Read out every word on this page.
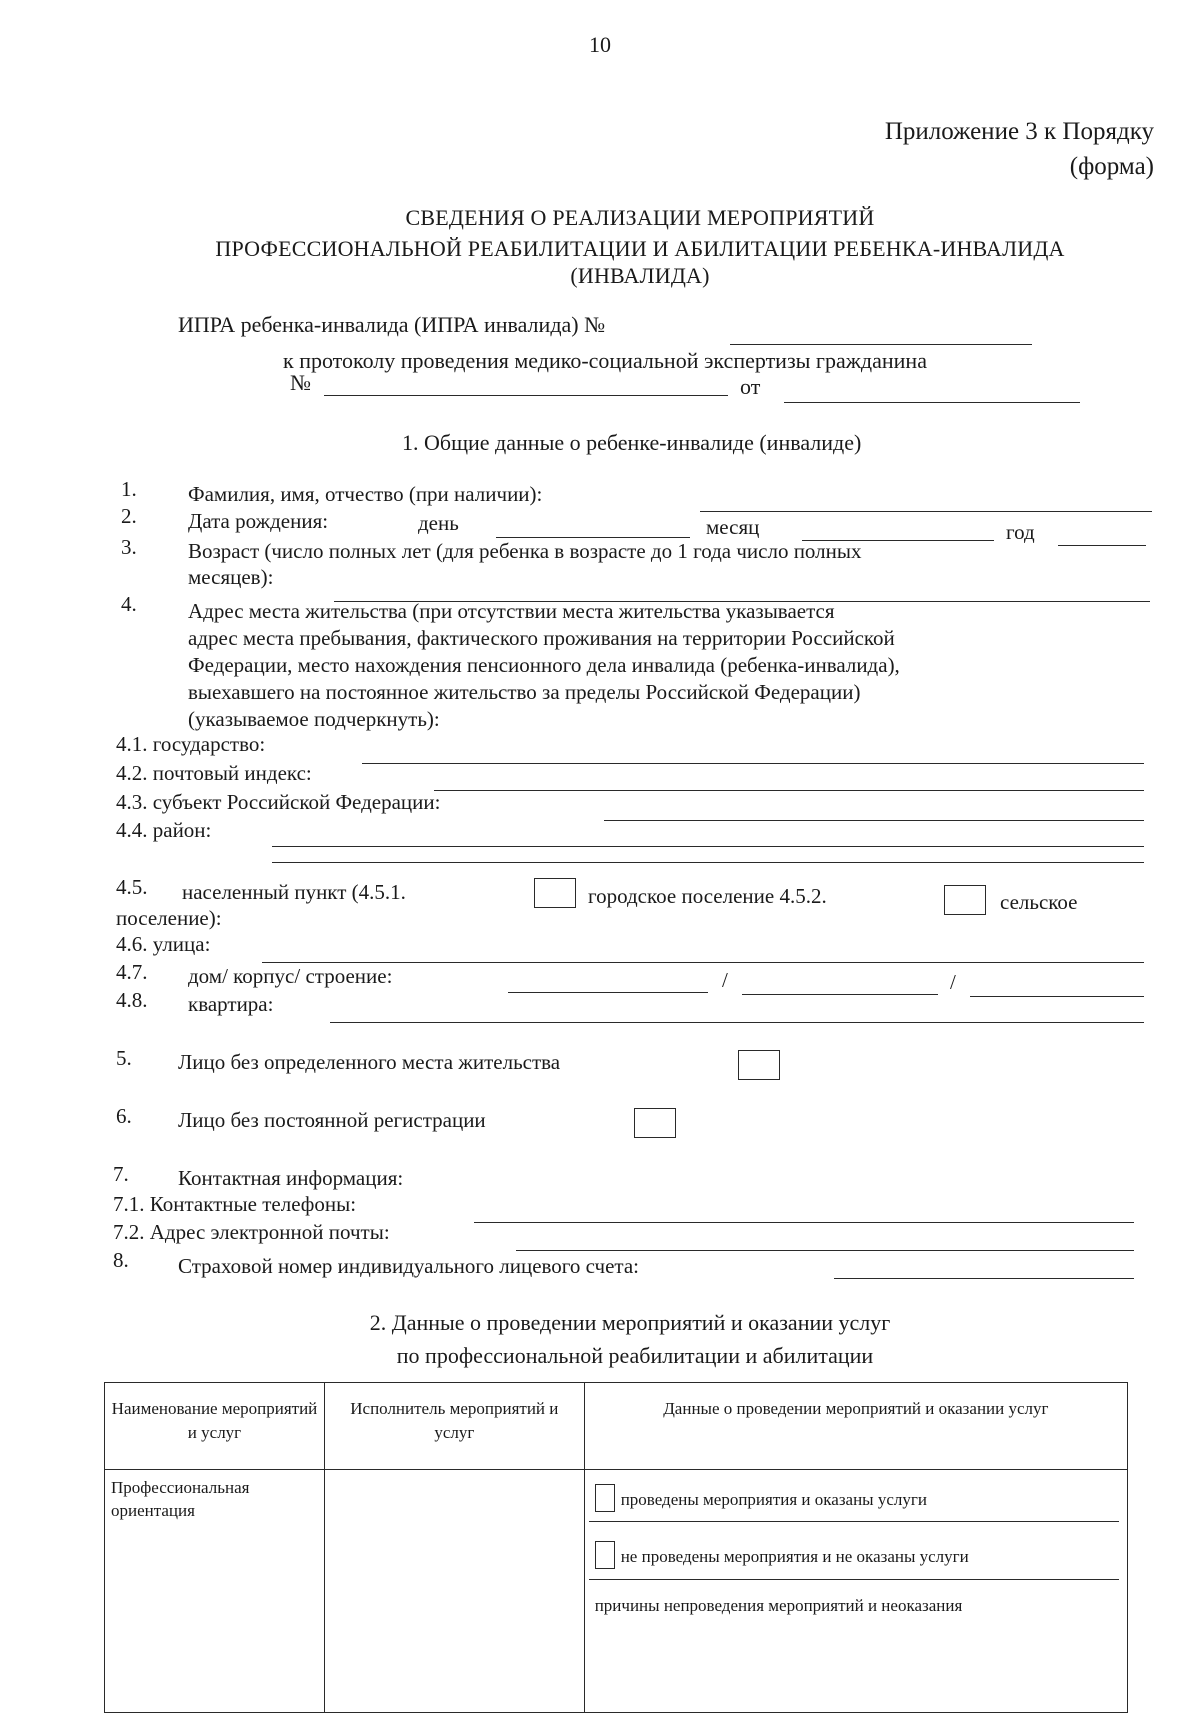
10
Приложение 3 к Порядку
(форма)
СВЕДЕНИЯ О РЕАЛИЗАЦИИ МЕРОПРИЯТИЙ
ПРОФЕССИОНАЛЬНОЙ РЕАБИЛИТАЦИИ И АБИЛИТАЦИИ РЕБЕНКА-ИНВАЛИДА
(ИНВАЛИДА)
ИПРА ребенка-инвалида (ИПРА инвалида) №
к протоколу проведения медико-социальной экспертизы гражданина
№	от
1. Общие данные о ребенке-инвалиде (инвалиде)
1. Фамилия, имя, отчество (при наличии):
2. Дата рождения:	день	месяц	год
3. Возраст (число полных лет (для ребенка в возрасте до 1 года число полных
месяцев):
4. Адрес места жительства (при отсутствии места жительства указывается
адрес места пребывания, фактического проживания на территории Российской
Федерации, место нахождения пенсионного дела инвалида (ребенка-инвалида),
выехавшего на постоянное жительство за пределы Российской Федерации)
(указываемое подчеркнуть):
4.1. государство:
4.2. почтовый индекс:
4.3. субъект Российской Федерации:
4.4. район:
4.5. населенный пункт (4.5.1.	городское поселение 4.5.2.	сельское
поселение):
4.6. улица:
4.7. дом/ корпус/ строение:	/	/
4.8. квартира:
5. Лицо без определенного места жительства
6. Лицо без постоянной регистрации
7. Контактная информация:
7.1. Контактные телефоны:
7.2. Адрес электронной почты:
8. Страховой номер индивидуального лицевого счета:
2. Данные о проведении мероприятий и оказании услуг
по профессиональной реабилитации и абилитации
Наименование мероприятий и услуг	Исполнитель мероприятий и услуг	Данные о проведении мероприятий и оказании услуг

Профессиональная ориентация		проведены мероприятия и оказаны услуги
не проведены мероприятия и не оказаны услуги
причины непроведения мероприятий и неоказания
